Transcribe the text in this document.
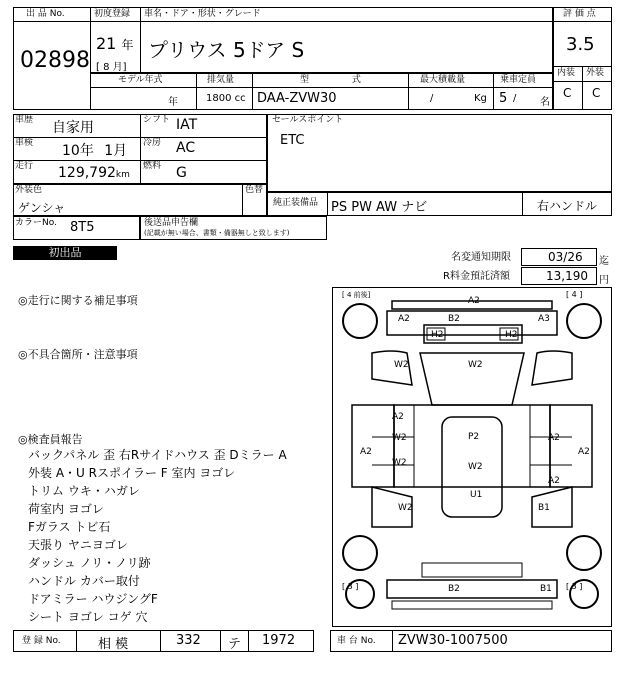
出 品 No.
02898
初度登録 車名・ドア・形状・グレード
21 年
[ 8 月]
プリウス 5ドア S
評 価 点
3.5
内装 外装
C C
モデル年式	排気量	型 式	最大積載量	乗車定員
年	1800 cc DAA-ZVW30	/	Kg 5 / 名
車歴 自家用	シフト IAT
車検 10年 1月 冷房 AC
走行 129,792km
燃料 G
セールスポイント
ETC
外装色
ゲンシャ
色替
純正装備品 PS PW AW ナビ	右ハンドル
カラーNo. 8T5	後送品申告欄
(記載が無い場合、書類・備器無しと致します)
初出品	名変通知期限	03/26 迄
R料金預託済額	13,190 円
◎走行に関する補足事項
◎不具合箇所・注意事項
◎検査員報告
バックパネル 歪 右Rサイドハウス 歪 Dミラー A
外装 A・U Rスポイラー F 室内 ヨゴレ
トリム ウキ・ハガレ
荷室内 ヨゴレ
Fガラス トビ石
天張り ヤニヨゴレ
ダッシュ ノリ・ノリ跡
ハンドル カバー取付
ドアミラー ハウジングF
シート ヨゴレ コゲ 穴
[ 4 前後]	[ 4 ]
[ 3 ]	[ 3 ]
A2
A2	B2	A3
H2	H2
W2	W2
A2
W2
A2
W2
P2
W2
U1
A2
A2
A2
W2	B1
B2	B1
登 録 No.	相 模	332 テ 1972	車 台 No. ZVW30-1007500
